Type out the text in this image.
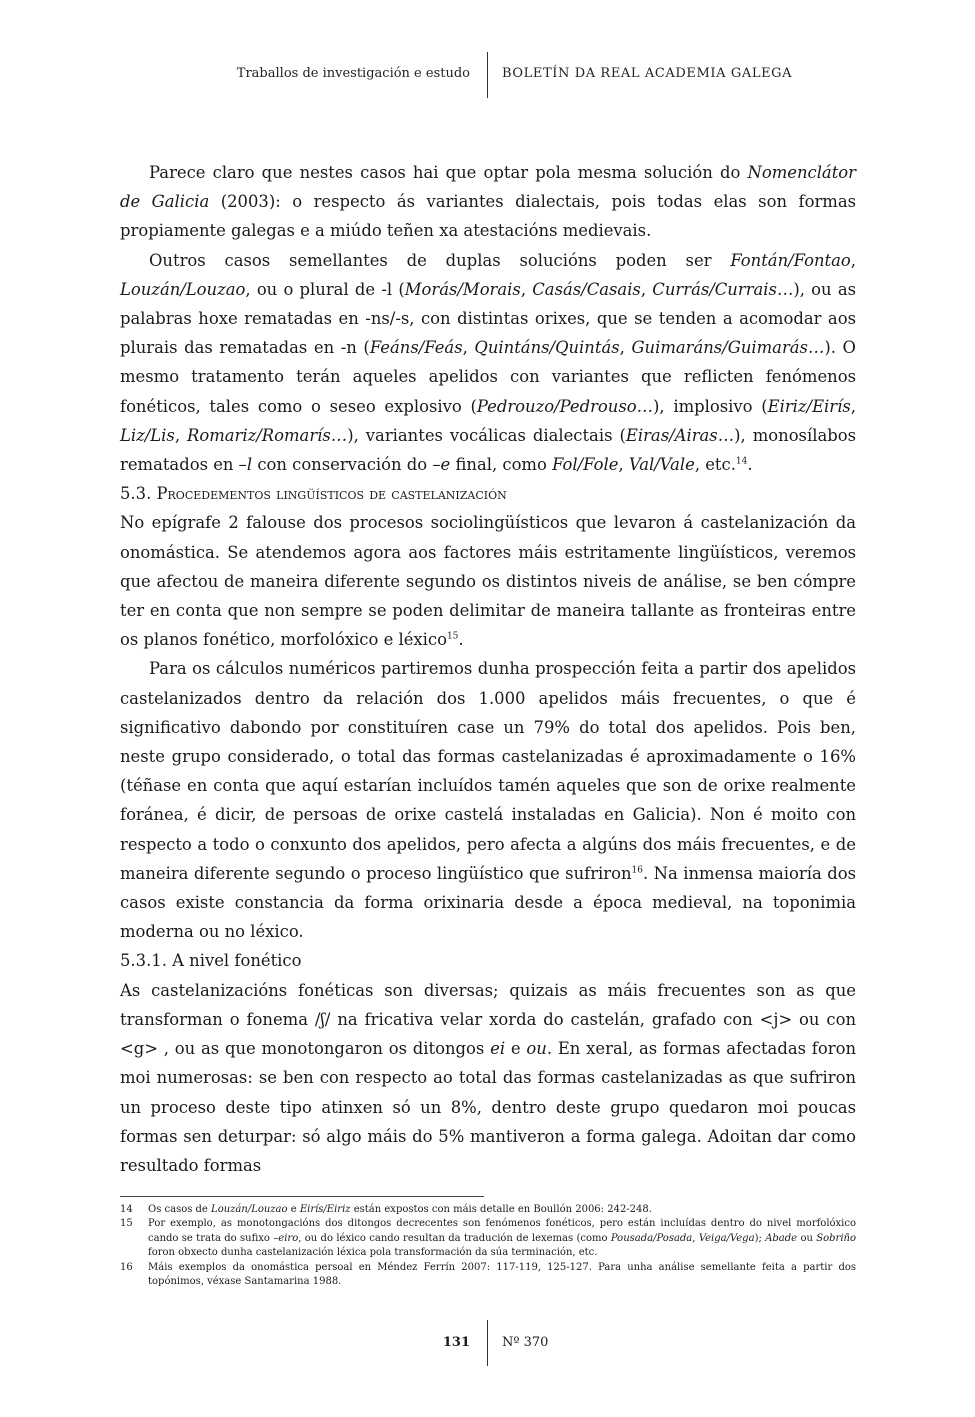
Traballos de investigación e estudo BOLETÍN DA REAL ACADEMIA GALEGA

Parece claro que nestes casos hai que optar pola mesma solución do Nomenclátor de Galicia (2003): o respecto ás variantes dialectais, pois todas elas son formas propiamente galegas e a miúdo teñen xa atestacións medievais.

Outros casos semellantes de duplas solucións poden ser Fontán/Fontao, Louzán/Louzao, ou o plural de -l (Morás/Morais, Casás/Casais, Currás/Currais…), ou as palabras hoxe rematadas en -ns/-s, con distintas orixes, que se tenden a acomodar aos plurais das rematadas en -n (Feáns/Feás, Quintáns/Quintás, Guimaráns/Guimarás…). O mesmo tratamento terán aqueles apelidos con variantes que reflicten fenómenos fonéticos, tales como o seseo explosivo (Pedrouzo/Pedrouso…), implosivo (Eiriz/Eirís, Liz/Lis, Romariz/Romarís…), variantes vocálicas dialectais (Eiras/Airas…), monosílabos rematados en –l con conservación do –e final, como Fol/Fole, Val/Vale, etc.$^{14}$.

5.3. Procedementos lingüísticos de castelanización

No epígrafe 2 falouse dos procesos sociolingüísticos que levaron á castelanización da onomástica. Se atendemos agora aos factores máis estritamente lingüísticos, veremos que afectou de maneira diferente segundo os distintos niveis de análise, se ben cómpre ter en conta que non sempre se poden delimitar de maneira tallante as fronteiras entre os planos fonético, morfolóxico e léxico$^{15}$.

Para os cálculos numéricos partiremos dunha prospección feita a partir dos apelidos castelanizados dentro da relación dos 1.000 apelidos máis frecuentes, o que é significativo dabondo por constituíren case un 79% do total dos apelidos. Pois ben, neste grupo considerado, o total das formas castelanizadas é aproximadamente o 16% (téñase en conta que aquí estarían incluídos tamén aqueles que son de orixe realmente foránea, é dicir, de persoas de orixe castelá instaladas en Galicia). Non é moito con respecto a todo o conxunto dos apelidos, pero afecta a algúns dos máis frecuentes, e de maneira diferente segundo o proceso lingüístico que sufriron$^{16}$. Na inmensa maioría dos casos existe constancia da forma orixinaria desde a época medieval, na toponimia moderna ou no léxico.

5.3.1. A nivel fonético

As castelanizacións fonéticas son diversas; quizais as máis frecuentes son as que transforman o fonema /ʃ/ na fricativa velar xorda do castelán, grafado con <j> ou con <g> , ou as que monotongaron os ditongos ei e ou. En xeral, as formas afectadas foron moi numerosas: se ben con respecto ao total das formas castelanizadas as que sufriron un proceso deste tipo atinxen só un 8%, dentro deste grupo quedaron moi poucas formas sen deturpar: só algo máis do 5% mantiveron a forma galega. Adoitan dar como resultado formas

14	Os casos de Louzán/Louzao e Eirís/Eiriz están expostos con máis detalle en Boullón 2006: 242-248.
15	Por exemplo, as monotongacións dos ditongos decrecentes son fenómenos fonéticos, pero están incluídas dentro do nivel morfolóxico cando se trata do sufixo –eiro, ou do léxico cando resultan da tradución de lexemas (como Pousada/Posada, Veiga/Vega); Abade ou Sobriño foron obxecto dunha castelanización léxica pola transformación da súa terminación, etc.
16	Máis exemplos da onomástica persoal en Méndez Ferrín 2007: 117-119, 125-127. Para unha análise semellante feita a partir dos topónimos, véxase Santamarina 1988.
131 Nº 370
